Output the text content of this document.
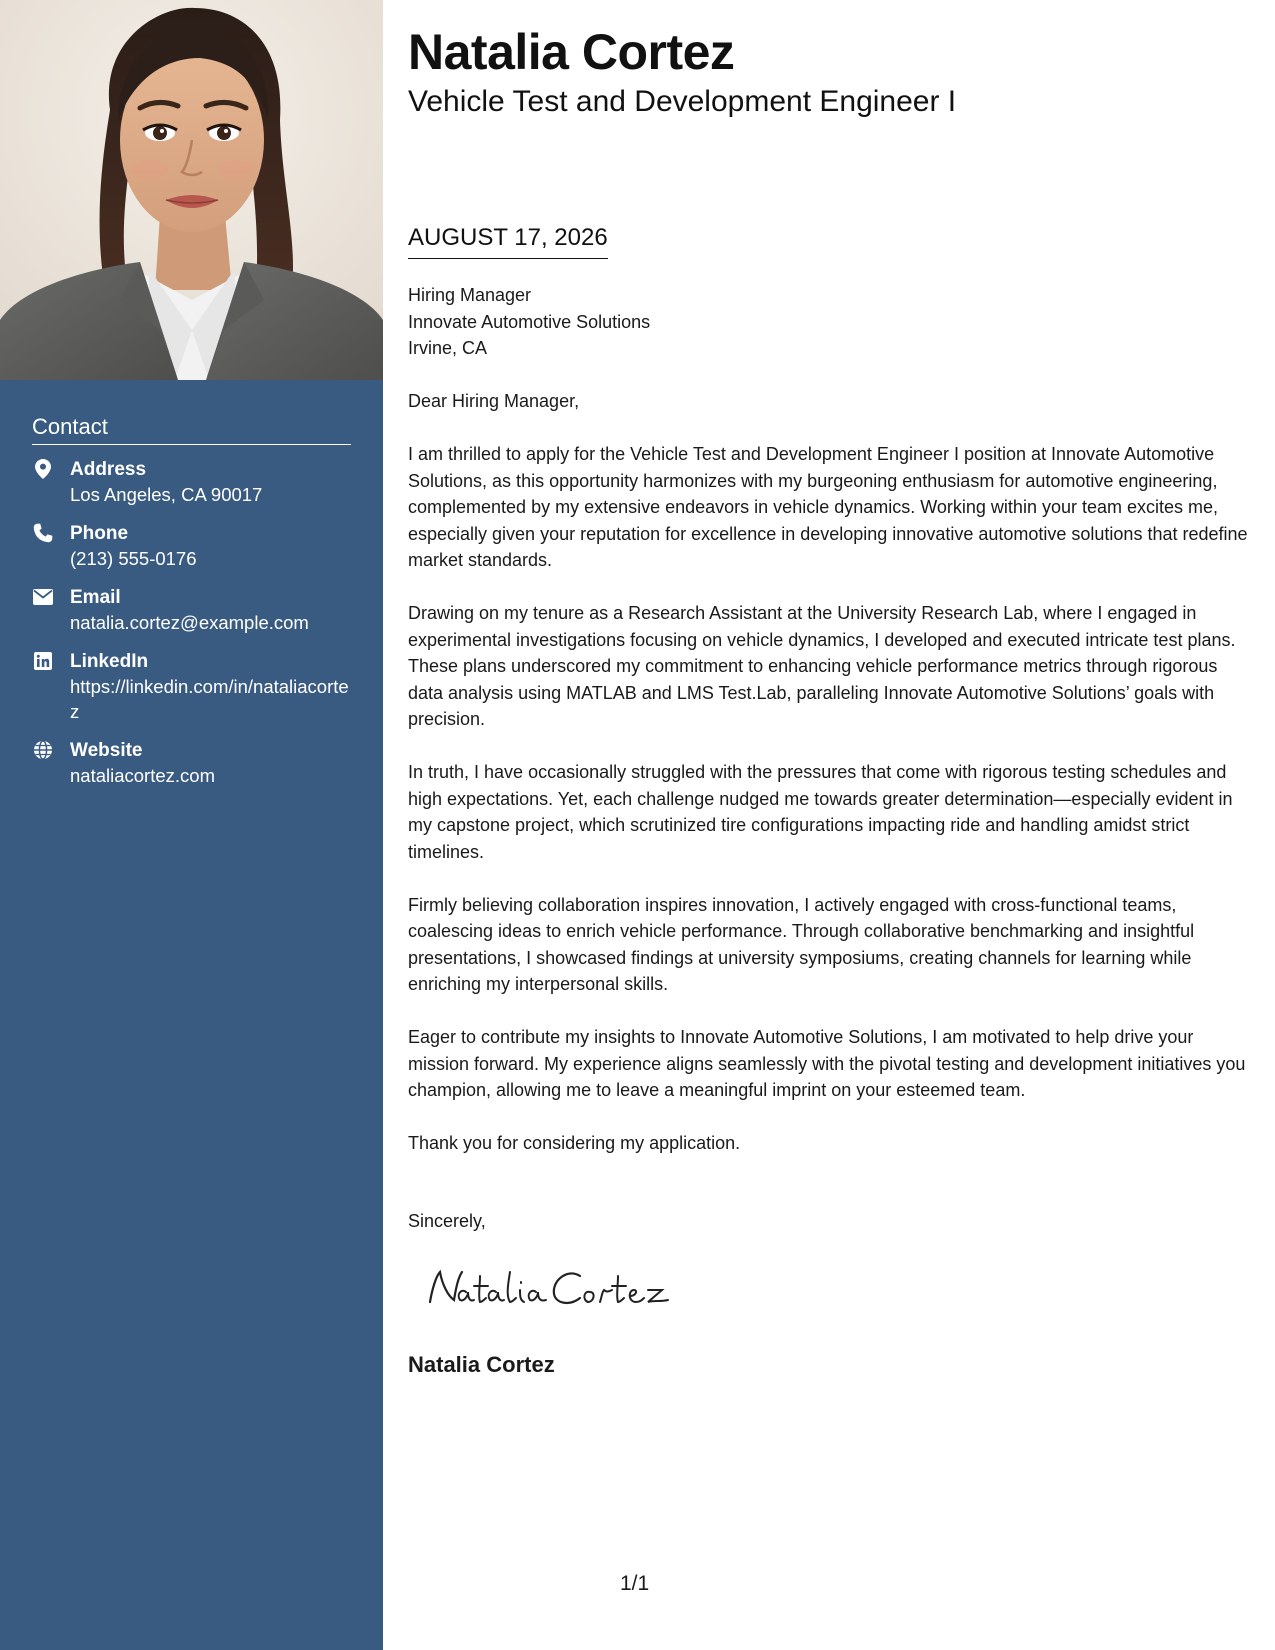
Contact
Address
Los Angeles, CA 90017
Phone
(213) 555-0176
Email
natalia.cortez@example.com
LinkedIn
https://linkedin.com/in/nataliacortez
Website
nataliacortez.com
Natalia Cortez
Vehicle Test and Development Engineer I
AUGUST 17, 2026
Hiring Manager
Innovate Automotive Solutions
Irvine, CA

Dear Hiring Manager,

I am thrilled to apply for the Vehicle Test and Development Engineer I position at Innovate Automotive Solutions, as this opportunity harmonizes with my burgeoning enthusiasm for automotive engineering, complemented by my extensive endeavors in vehicle dynamics. Working within your team excites me, especially given your reputation for excellence in developing innovative automotive solutions that redefine market standards.

Drawing on my tenure as a Research Assistant at the University Research Lab, where I engaged in experimental investigations focusing on vehicle dynamics, I developed and executed intricate test plans. These plans underscored my commitment to enhancing vehicle performance metrics through rigorous data analysis using MATLAB and LMS Test.Lab, paralleling Innovate Automotive Solutions’ goals with precision.

In truth, I have occasionally struggled with the pressures that come with rigorous testing schedules and high expectations. Yet, each challenge nudged me towards greater determination—especially evident in my capstone project, which scrutinized tire configurations impacting ride and handling amidst strict timelines.

Firmly believing collaboration inspires innovation, I actively engaged with cross-functional teams, coalescing ideas to enrich vehicle performance. Through collaborative benchmarking and insightful presentations, I showcased findings at university symposiums, creating channels for learning while enriching my interpersonal skills.

Eager to contribute my insights to Innovate Automotive Solutions, I am motivated to help drive your mission forward. My experience aligns seamlessly with the pivotal testing and development initiatives you champion, allowing me to leave a meaningful imprint on your esteemed team.

Thank you for considering my application.

Sincerely,
Natalia Cortez
1/1
